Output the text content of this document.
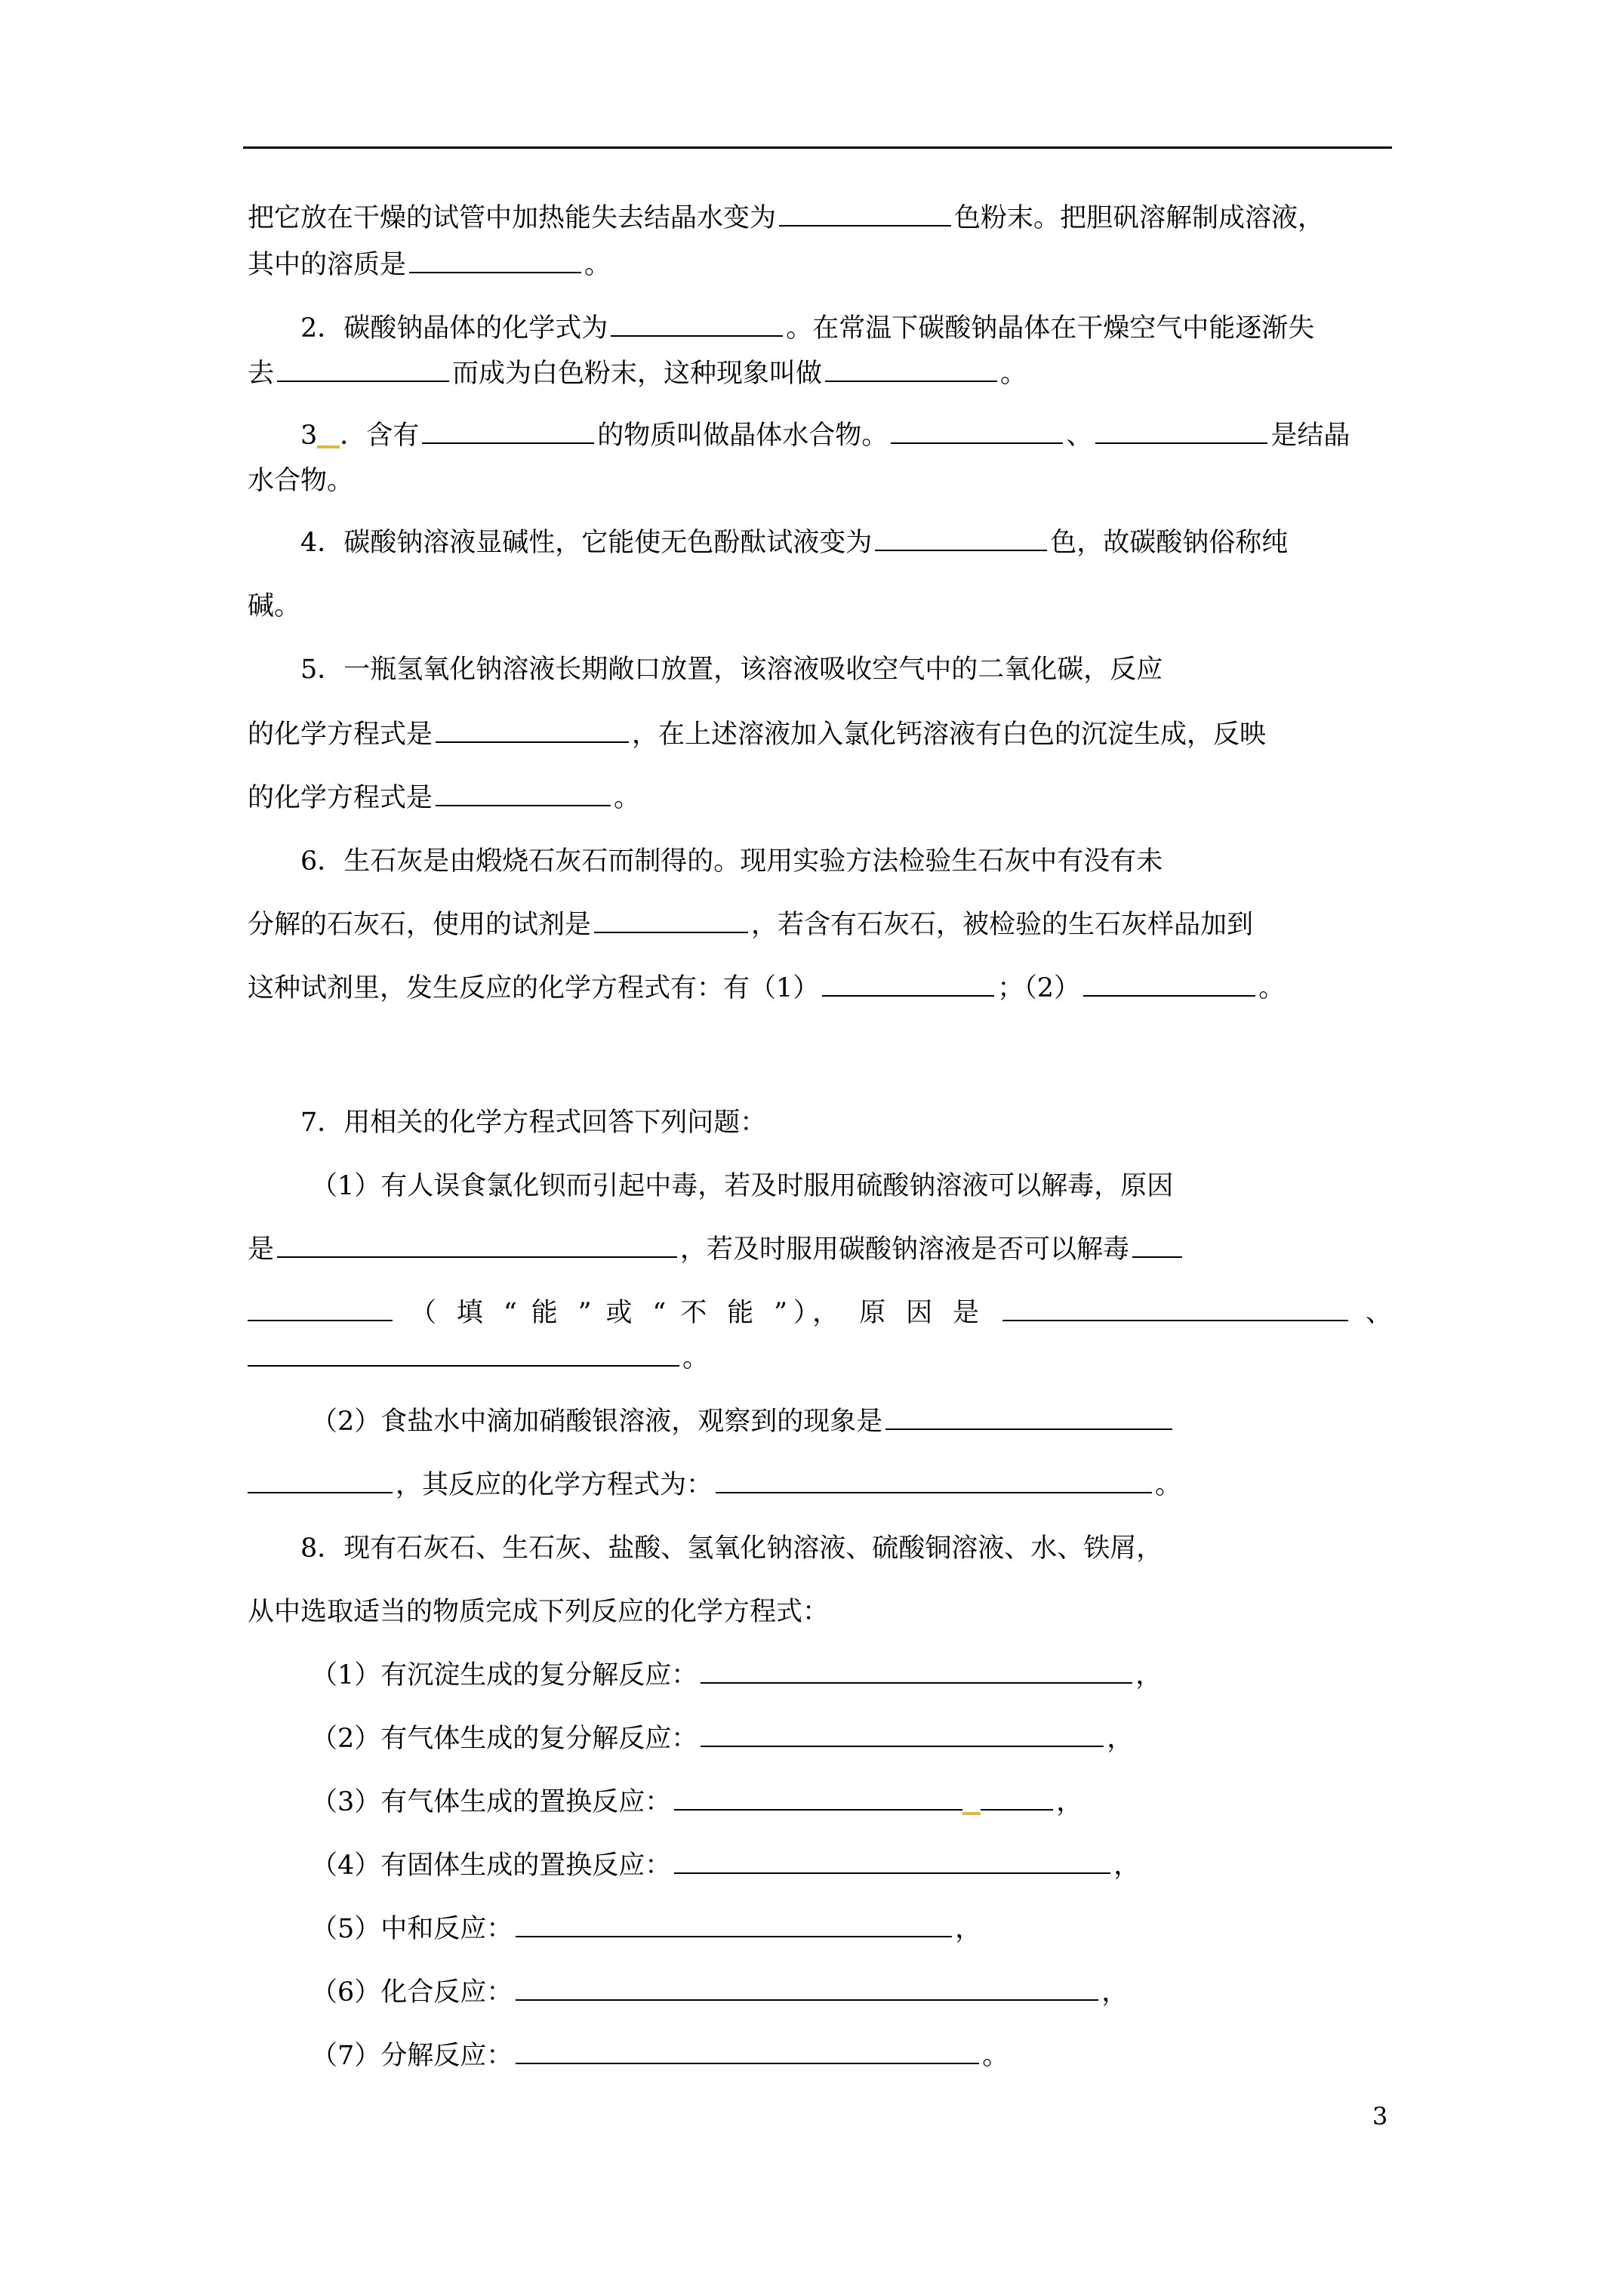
把它放在干燥的试管中加热能失去结晶水变为	色粉末。把胆矾溶解制成溶液，
其中的溶质是	。
2．碳酸钠晶体的化学式为	。在常温下碳酸钠晶体在干燥空气中能逐渐失
去	而成为白色粉末，这种现象叫做	。
3 ．含有	的物质叫做晶体水合物。	、	是结晶
水合物。
4．碳酸钠溶液显碱性，它能使无色酚酞试液变为	色，故碳酸钠俗称纯
碱。
5．一瓶氢氧化钠溶液长期敞口放置，该溶液吸收空气中的二氧化碳，反应
的化学方程式是	，在上述溶液加入氯化钙溶液有白色的沉淀生成，反映
的化学方程式是	。
6．生石灰是由煅烧石灰石而制得的。现用实验方法检验生石灰中有没有未
分解的石灰石，使用的试剂是	，若含有石灰石，被检验的生石灰样品加到
这种试剂里，发生反应的化学方程式有：有（1）	；（2）	。
7．用相关的化学方程式回答下列问题：
（1）有人误食氯化钡而引起中毒，若及时服用硫酸钠溶液可以解毒，原因
是	，若及时服用碳酸钠溶液是否可以解毒
（ 填 “ 能 ” 或 “ 不 能 ”）， 原 因 是	、
。
（2）食盐水中滴加硝酸银溶液，观察到的现象是
，其反应的化学方程式为：	。
8．现有石灰石、生石灰、盐酸、氢氧化钠溶液、硫酸铜溶液、水、铁屑，
从中选取适当的物质完成下列反应的化学方程式：
（1）有沉淀生成的复分解反应：	，
（2）有气体生成的复分解反应：	，
（3）有气体生成的置换反应：	，
（4）有固体生成的置换反应：	，
（5）中和反应：	，
（6）化合反应：	，
（7）分解反应：	。
3
